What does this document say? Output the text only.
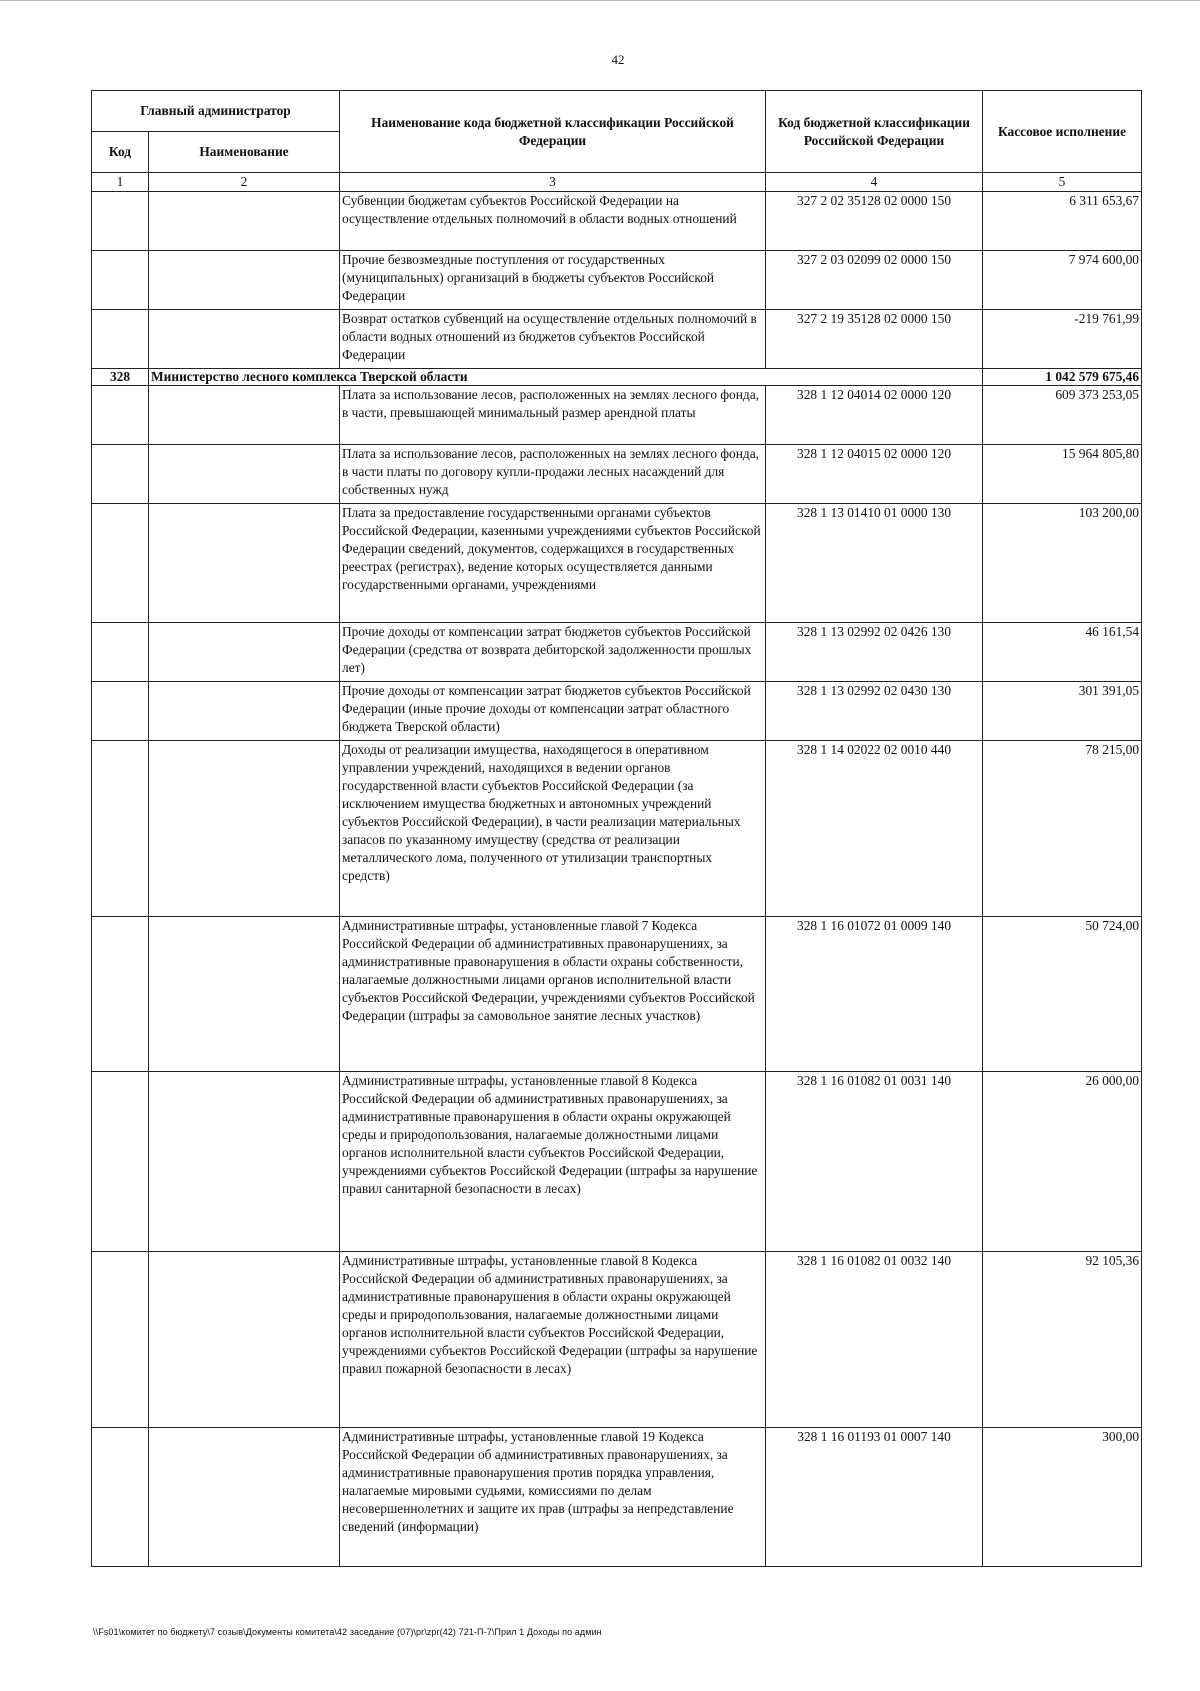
42
Главный администратор		Наименование кода бюджетной классификации Российской Федерации	Код бюджетной классификации Российской Федерации	Кассовое исполнение
Код	Наименование			
1	2	3	4	5
		Субвенции бюджетам субъектов Российской Федерации на осуществление отдельных полномочий в области водных отношений	327 2 02 35128 02 0000 150	6 311 653,67
		Прочие безвозмездные поступления от государственных (муниципальных) организаций в бюджеты субъектов Российской Федерации	327 2 03 02099 02 0000 150	7 974 600,00
		Возврат остатков субвенций на осуществление отдельных полномочий в области водных отношений из бюджетов субъектов Российской Федерации	327 2 19 35128 02 0000 150	-219 761,99
328	Министерство лесного комплекса Тверской области			1 042 579 675,46
		Плата за использование лесов, расположенных на землях лесного фонда, в части, превышающей минимальный размер арендной платы	328 1 12 04014 02 0000 120	609 373 253,05
		Плата за использование лесов, расположенных на землях лесного фонда, в части платы по договору купли-продажи лесных насаждений для собственных нужд	328 1 12 04015 02 0000 120	15 964 805,80
		Плата за предоставление государственными органами субъектов Российской Федерации, казенными учреждениями субъектов Российской Федерации сведений, документов, содержащихся в государственных реестрах (регистрах), ведение которых осуществляется данными государственными органами, учреждениями	328 1 13 01410 01 0000 130	103 200,00
		Прочие доходы от компенсации затрат бюджетов субъектов Российской Федерации (средства от возврата дебиторской задолженности прошлых лет)	328 1 13 02992 02 0426 130	46 161,54
		Прочие доходы от компенсации затрат бюджетов субъектов Российской Федерации (иные прочие доходы от компенсации затрат областного бюджета Тверской области)	328 1 13 02992 02 0430 130	301 391,05
		Доходы от реализации имущества, находящегося в оперативном управлении учреждений, находящихся в ведении органов государственной власти субъектов Российской Федерации (за исключением имущества бюджетных и автономных учреждений субъектов Российской Федерации), в части реализации материальных запасов по указанному имуществу (средства от реализации металлического лома, полученного от утилизации транспортных средств)	328 1 14 02022 02 0010 440	78 215,00
		Административные штрафы, установленные главой 7 Кодекса Российской Федерации об административных правонарушениях, за административные правонарушения в области охраны собственности, налагаемые должностными лицами органов исполнительной власти субъектов Российской Федерации, учреждениями субъектов Российской Федерации (штрафы за самовольное занятие лесных участков)	328 1 16 01072 01 0009 140	50 724,00
		Административные штрафы, установленные главой 8 Кодекса Российской Федерации об административных правонарушениях, за административные правонарушения в области охраны окружающей среды и природопользования, налагаемые должностными лицами органов исполнительной власти субъектов Российской Федерации, учреждениями субъектов Российской Федерации (штрафы за нарушение правил санитарной безопасности в лесах)	328 1 16 01082 01 0031 140	26 000,00
		Административные штрафы, установленные главой 8 Кодекса Российской Федерации об административных правонарушениях, за административные правонарушения в области охраны окружающей среды и природопользования, налагаемые должностными лицами органов исполнительной власти субъектов Российской Федерации, учреждениями субъектов Российской Федерации (штрафы за нарушение правил пожарной безопасности в лесах)	328 1 16 01082 01 0032 140	92 105,36
		Административные штрафы, установленные главой 19 Кодекса Российской Федерации об административных правонарушениях, за административные правонарушения против порядка управления, налагаемые мировыми судьями, комиссиями по делам несовершеннолетних и защите их прав (штрафы за непредставление сведений (информации)	328 1 16 01193 01 0007 140	300,00
\\Fs01\комитет по бюджету\7 созыв\Документы комитета\42 заседание (07)\pr\zpr(42) 721-П-7\Прил 1 Доходы по админ
